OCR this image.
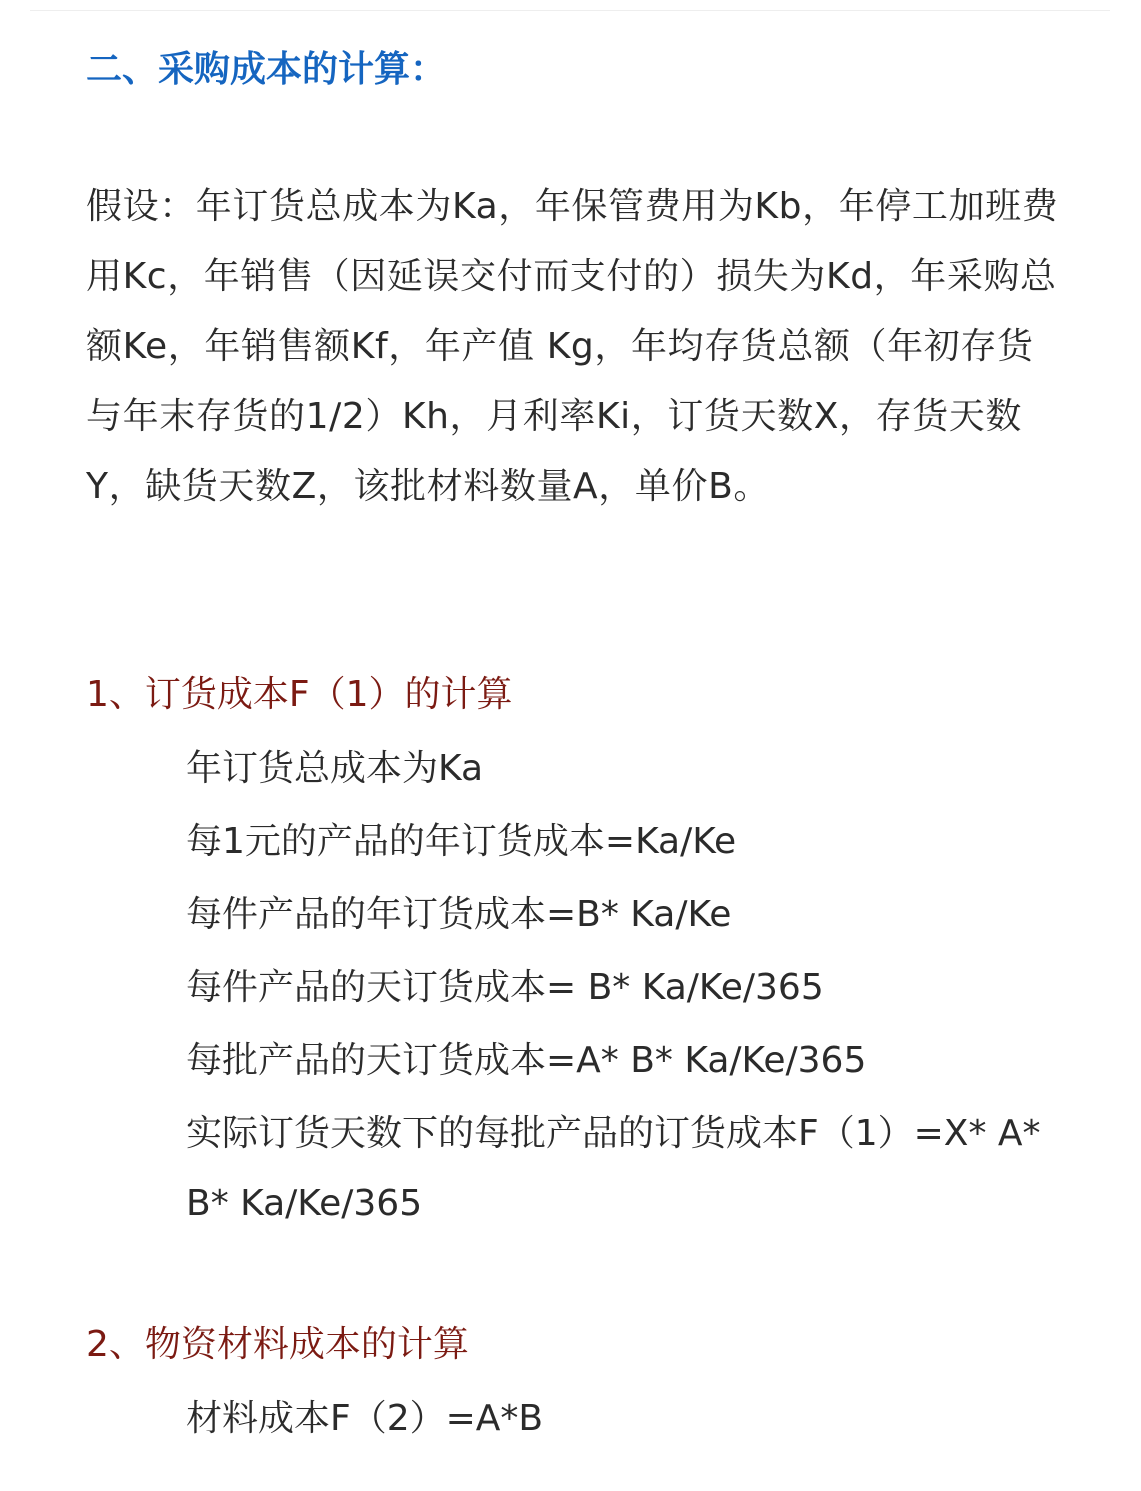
二、采购成本的计算：

假设：年订货总成本为Ka，年保管费用为Kb，年停工加班费用Kc，年销售（因延误交付而支付的）损失为Kd，年采购总额Ke，年销售额Kf，年产值 Kg，年均存货总额（年初存货与年末存货的1/2）Kh，月利率Ki，订货天数X，存货天数Y，缺货天数Z，该批材料数量A，单价B。

1、订货成本F（1）的计算
年订货总成本为Ka
每1元的产品的年订货成本=Ka/Ke
每件产品的年订货成本=B* Ka/Ke
每件产品的天订货成本= B* Ka/Ke/365
每批产品的天订货成本=A* B* Ka/Ke/365
实际订货天数下的每批产品的订货成本F（1）=X* A* B* Ka/Ke/365
2、物资材料成本的计算
材料成本F（2）=A*B
